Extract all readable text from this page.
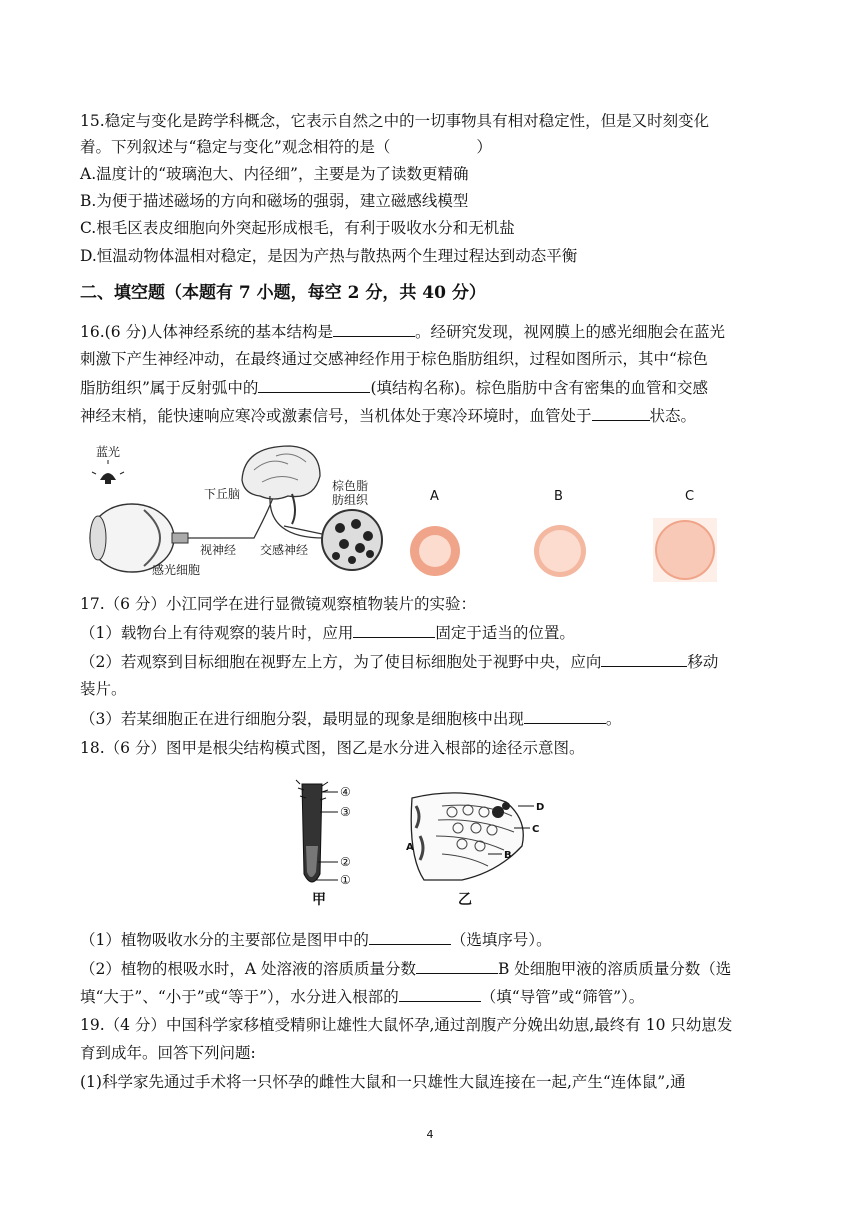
15.稳定与变化是跨学科概念，它表示自然之中的一切事物具有相对稳定性，但是又时刻变化
着。下列叙述与“稳定与变化”观念相符的是（	）
A.温度计的“玻璃泡大、内径细”，主要是为了读数更精确
B.为便于描述磁场的方向和磁场的强弱，建立磁感线模型
C.根毛区表皮细胞向外突起形成根毛，有利于吸收水分和无机盐
D.恒温动物体温相对稳定，是因为产热与散热两个生理过程达到动态平衡
二、填空题（本题有 7 小题，每空 2 分，共 40 分）
16.(6 分)人体神经系统的基本结构是	。经研究发现，视网膜上的感光细胞会在蓝光
刺激下产生神经冲动，在最终通过交感神经作用于棕色脂肪组织，过程如图所示，其中“棕色
脂肪组织”属于反射弧中的	(填结构名称)。棕色脂肪中含有密集的血管和交感
神经末梢，能快速响应寒冷或激素信号，当机体处于寒冷环境时，血管处于	状态。
蓝光
视神经
感光细胞
下丘脑
交感神经
棕色脂
肪组织	A	B	C
17.（6 分）小江同学在进行显微镜观察植物装片的实验：
（1）载物台上有待观察的装片时，应用	固定于适当的位置。
（2）若观察到目标细胞在视野左上方，为了使目标细胞处于视野中央，应向	移动
装片。
（3）若某细胞正在进行细胞分裂，最明显的现象是细胞核中出现	。
18.（6 分）图甲是根尖结构模式图，图乙是水分进入根部的途径示意图。
④
③
②
①
甲
D
C
A
B
乙
（1）植物吸收水分的主要部位是图甲中的	（选填序号）。
（2）植物的根吸水时，A 处溶液的溶质质量分数	B 处细胞甲液的溶质质量分数（选
填“大于”、“小于”或“等于”），水分进入根部的	（填“导管”或“筛管”）。
19.（4 分）中国科学家移植受精卵让雄性大鼠怀孕,通过剖腹产分娩出幼崽,最终有 10 只幼崽发
育到成年。回答下列问题:
(1)科学家先通过手术将一只怀孕的雌性大鼠和一只雄性大鼠连接在一起,产生“连体鼠”,通
4
